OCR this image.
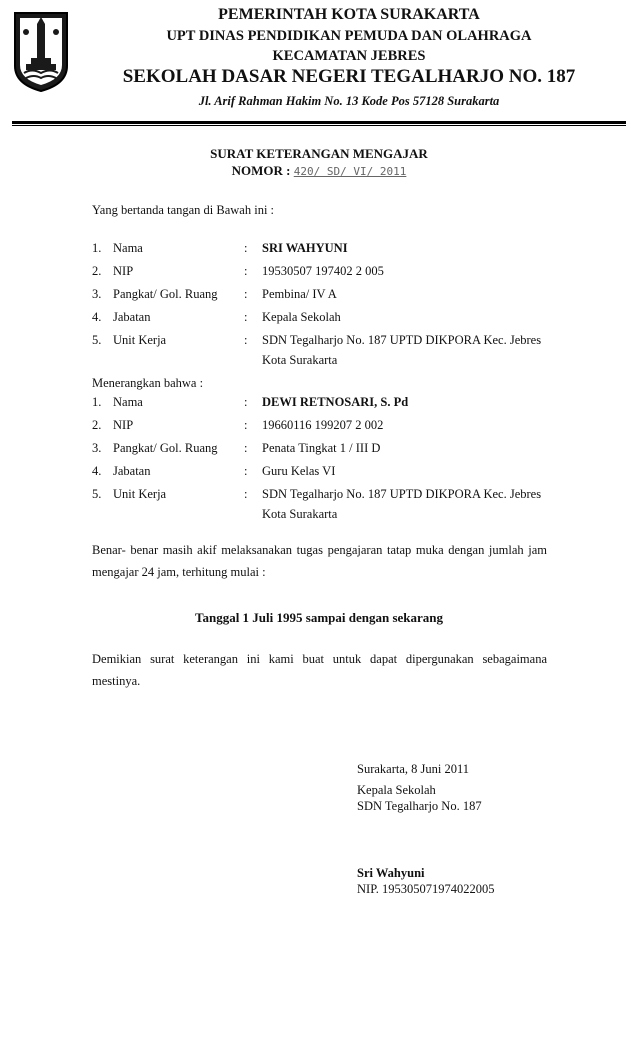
PEMERINTAH KOTA SURAKARTA
UPT DINAS PENDIDIKAN PEMUDA DAN OLAHRAGA
KECAMATAN JEBRES
SEKOLAH DASAR NEGERI TEGALHARJO NO. 187
Jl. Arif Rahman Hakim No. 13 Kode Pos 57128 Surakarta
SURAT KETERANGAN MENGAJAR
NOMOR : 420/ SD/ VI/ 2011
Yang bertanda tangan di Bawah ini :
1. Nama	: SRI WAHYUNI
2. NIP	: 19530507 197402 2 005
3. Pangkat/ Gol. Ruang : Pembina/ IV A
4. Jabatan	: Kepala Sekolah
5. Unit Kerja	: SDN Tegalharjo No. 187 UPTD DIKPORA Kec. Jebres
Kota Surakarta
Menerangkan bahwa :
1. Nama	: DEWI RETNOSARI, S. Pd
2. NIP	: 19660116 199207 2 002
3. Pangkat/ Gol. Ruang : Penata Tingkat 1 / III D
4. Jabatan	: Guru Kelas VI
5. Unit Kerja	: SDN Tegalharjo No. 187 UPTD DIKPORA Kec. Jebres
Kota Surakarta
Benar- benar masih akif melaksanakan tugas pengajaran tatap muka dengan jumlah jam mengajar 24 jam, terhitung mulai :
Tanggal 1 Juli 1995 sampai dengan sekarang
Demikian surat keterangan ini kami buat untuk dapat dipergunakan sebagaimana mestinya.
Surakarta, 8 Juni 2011
Kepala Sekolah
SDN Tegalharjo No. 187
Sri Wahyuni
NIP. 195305071974022005
